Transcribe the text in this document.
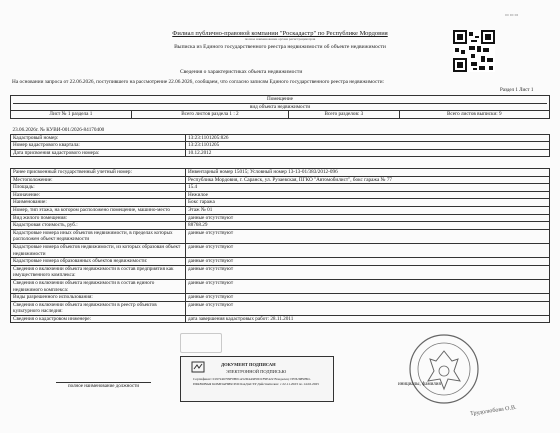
▭ ▭ ▭
Филиал публично-правовой компании "Роскадастр" по Республике Мордовия
полное наименование органа регистрации прав
Выписка из Единого государственного реестра недвижимости об объекте недвижимости
Сведения о характеристиках объекта недвижимости
На основании запроса от 22.06.2026, поступившего на рассмотрение 22.06.2026, сообщаем, что согласно записям Единого государственного реестра недвижимости:
Раздел 1 Лист 1
Помещение
вид объекта недвижимости

Лист № 1 раздела 1	Всего листов раздела 1 : 2	Всего разделов: 3	Всего листов выписки: 9
23.06.2026г. № КУВИ-001/2026-84170400	
Кадастровый номер:	13:23:1101205:826
Номер кадастрового квартала:	13:23:1101205
Дата присвоения кадастрового номера:	10.12.2012
Ранее присвоенный государственный учетный номер:	Инвентарный номер 15015; Условный номер 13-13-01/383/2012-096
Местоположение:	Республика Мордовия, г. Саранск, ул. Рузаевская, ПГКО "Автомобилист", бокс гаража № 77
Площадь:	15.4
Назначение:	Нежилое
Наименование:	Бокс гаража
Номер, тип этажа, на котором расположено помещение, машино-место	Этаж № 01
Вид жилого помещения:	данные отсутствуют
Кадастровая стоимость, руб.:	88768.29
Кадастровые номера иных объектов недвижимости, в пределах которых расположен объект недвижимости	данные отсутствуют
Кадастровые номера объектов недвижимости, из которых образован объект недвижимости	данные отсутствуют
Кадастровые номера образованных объектов недвижимости:	данные отсутствуют
Сведения о включении объекта недвижимости в состав предприятия как имущественного комплекса:	данные отсутствуют
Сведения о включении объекта недвижимости в состав единого недвижимого комплекса:	данные отсутствуют
Виды разрешенного использования:	данные отсутствуют
Сведения о включении объекта недвижимости в реестр объектов культурного наследия:	данные отсутствуют
Сведения о кадастровом инженере:	дата завершения кадастровых работ: 28.11.2011
ДОКУМЕНТ ПОДПИСАН
ЭЛЕКТРОННОЙ ПОДПИСЬЮ
Сертификат: 0197246709F0B01A52D4A9E0D1F9E422 Владелец: ПУБЛИЧНО-ПРАВОВАЯ КОМПАНИЯ РОСКАДАСТР Действителен: с 22.11.2023 по 14.02.2025
полное наименование должности	инициалы, фамилия
Трудолюбова О.В.
